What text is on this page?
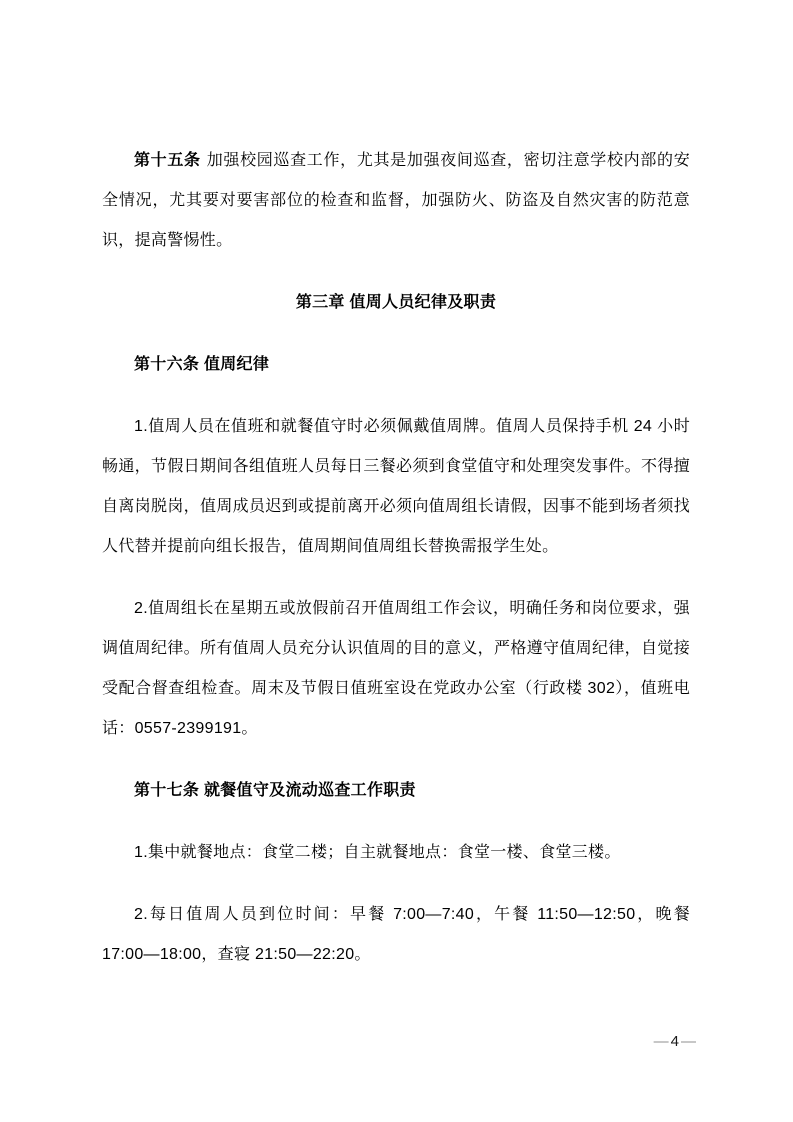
第十五条 加强校园巡查工作，尤其是加强夜间巡查，密切注意学校内部的安全情况，尤其要对要害部位的检查和监督，加强防火、防盗及自然灾害的防范意识，提高警惕性。

第三章 值周人员纪律及职责
第十六条 值周纪律

1.值周人员在值班和就餐值守时必须佩戴值周牌。值周人员保持手机 24 小时畅通，节假日期间各组值班人员每日三餐必须到食堂值守和处理突发事件。不得擅自离岗脱岗，值周成员迟到或提前离开必须向值周组长请假，因事不能到场者须找人代替并提前向组长报告，值周期间值周组长替换需报学生处。

2.值周组长在星期五或放假前召开值周组工作会议，明确任务和岗位要求，强调值周纪律。所有值周人员充分认识值周的目的意义，严格遵守值周纪律，自觉接受配合督查组检查。周末及节假日值班室设在党政办公室（行政楼 302），值班电话：0557-2399191。

第十七条 就餐值守及流动巡查工作职责

1.集中就餐地点：食堂二楼；自主就餐地点：食堂一楼、食堂三楼。

2.每日值周人员到位时间：早餐 7:00—7:40，午餐 11:50—12:50，晚餐 17:00—18:00，查寝 21:50—22:20。

—4—
